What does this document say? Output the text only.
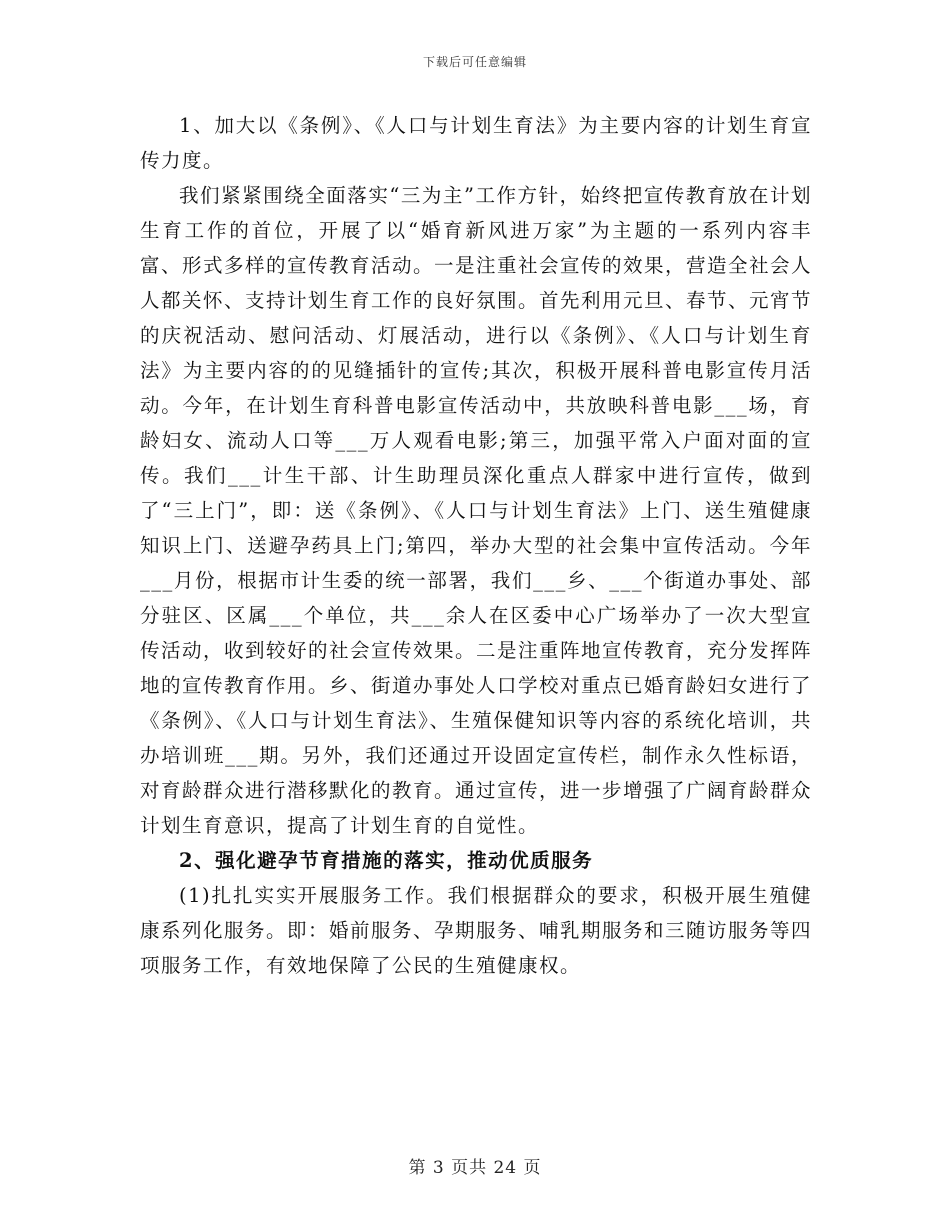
下载后可任意编辑

1、加大以《条例》、《人口与计划生育法》为主要内容的计划生育宣传力度。

我们紧紧围绕全面落实“三为主”工作方针，始终把宣传教育放在计划生育工作的首位，开展了以“婚育新风进万家”为主题的一系列内容丰富、形式多样的宣传教育活动。一是注重社会宣传的效果，营造全社会人人都关怀、支持计划生育工作的良好氛围。首先利用元旦、春节、元宵节的庆祝活动、慰问活动、灯展活动，进行以《条例》、《人口与计划生育法》为主要内容的的见缝插针的宣传;其次，积极开展科普电影宣传月活动。今年，在计划生育科普电影宣传活动中，共放映科普电影___场，育龄妇女、流动人口等___万人观看电影;第三，加强平常入户面对面的宣传。我们___计生干部、计生助理员深化重点人群家中进行宣传，做到了“三上门”，即：送《条例》、《人口与计划生育法》上门、送生殖健康知识上门、送避孕药具上门;第四，举办大型的社会集中宣传活动。今年___月份，根据市计生委的统一部署，我们___乡、___个街道办事处、部分驻区、区属___个单位，共___余人在区委中心广场举办了一次大型宣传活动，收到较好的社会宣传效果。二是注重阵地宣传教育，充分发挥阵地的宣传教育作用。乡、街道办事处人口学校对重点已婚育龄妇女进行了《条例》、《人口与计划生育法》、生殖保健知识等内容的系统化培训，共办培训班___期。另外，我们还通过开设固定宣传栏，制作永久性标语，对育龄群众进行潜移默化的教育。通过宣传，进一步增强了广阔育龄群众计划生育意识，提高了计划生育的自觉性。

2、强化避孕节育措施的落实，推动优质服务

(1)扎扎实实开展服务工作。我们根据群众的要求，积极开展生殖健康系列化服务。即：婚前服务、孕期服务、哺乳期服务和三随访服务等四项服务工作，有效地保障了公民的生殖健康权。

第 3 页共 24 页
